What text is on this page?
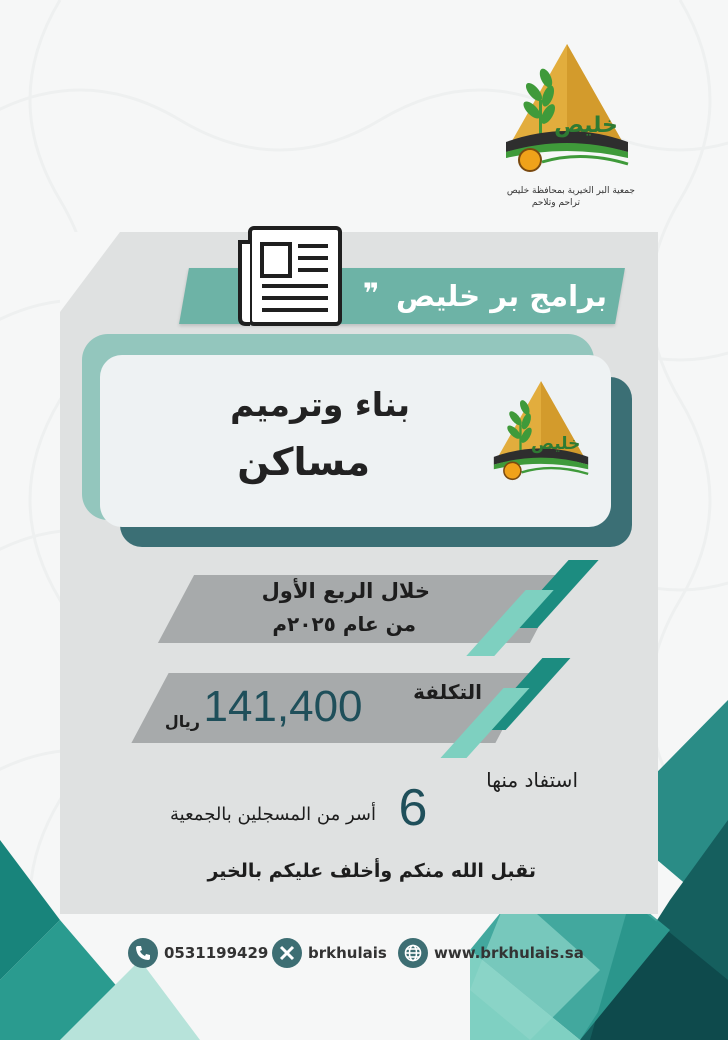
خليص
جمعية البر الخيرية بمحافظة خليص
تراحم وتلاحم
برامج بر خليص
❞
بناء وترميم
مساكن	خليص
خلال الربع الأول
من عام ٢٠٢٥م
التكلفة
141,400
ريال
استفاد منها
6
أسر من المسجلين بالجمعية
تقبل الله منكم وأخلف عليكم بالخير
0531199429	brkhulais	www.brkhulais.sa
